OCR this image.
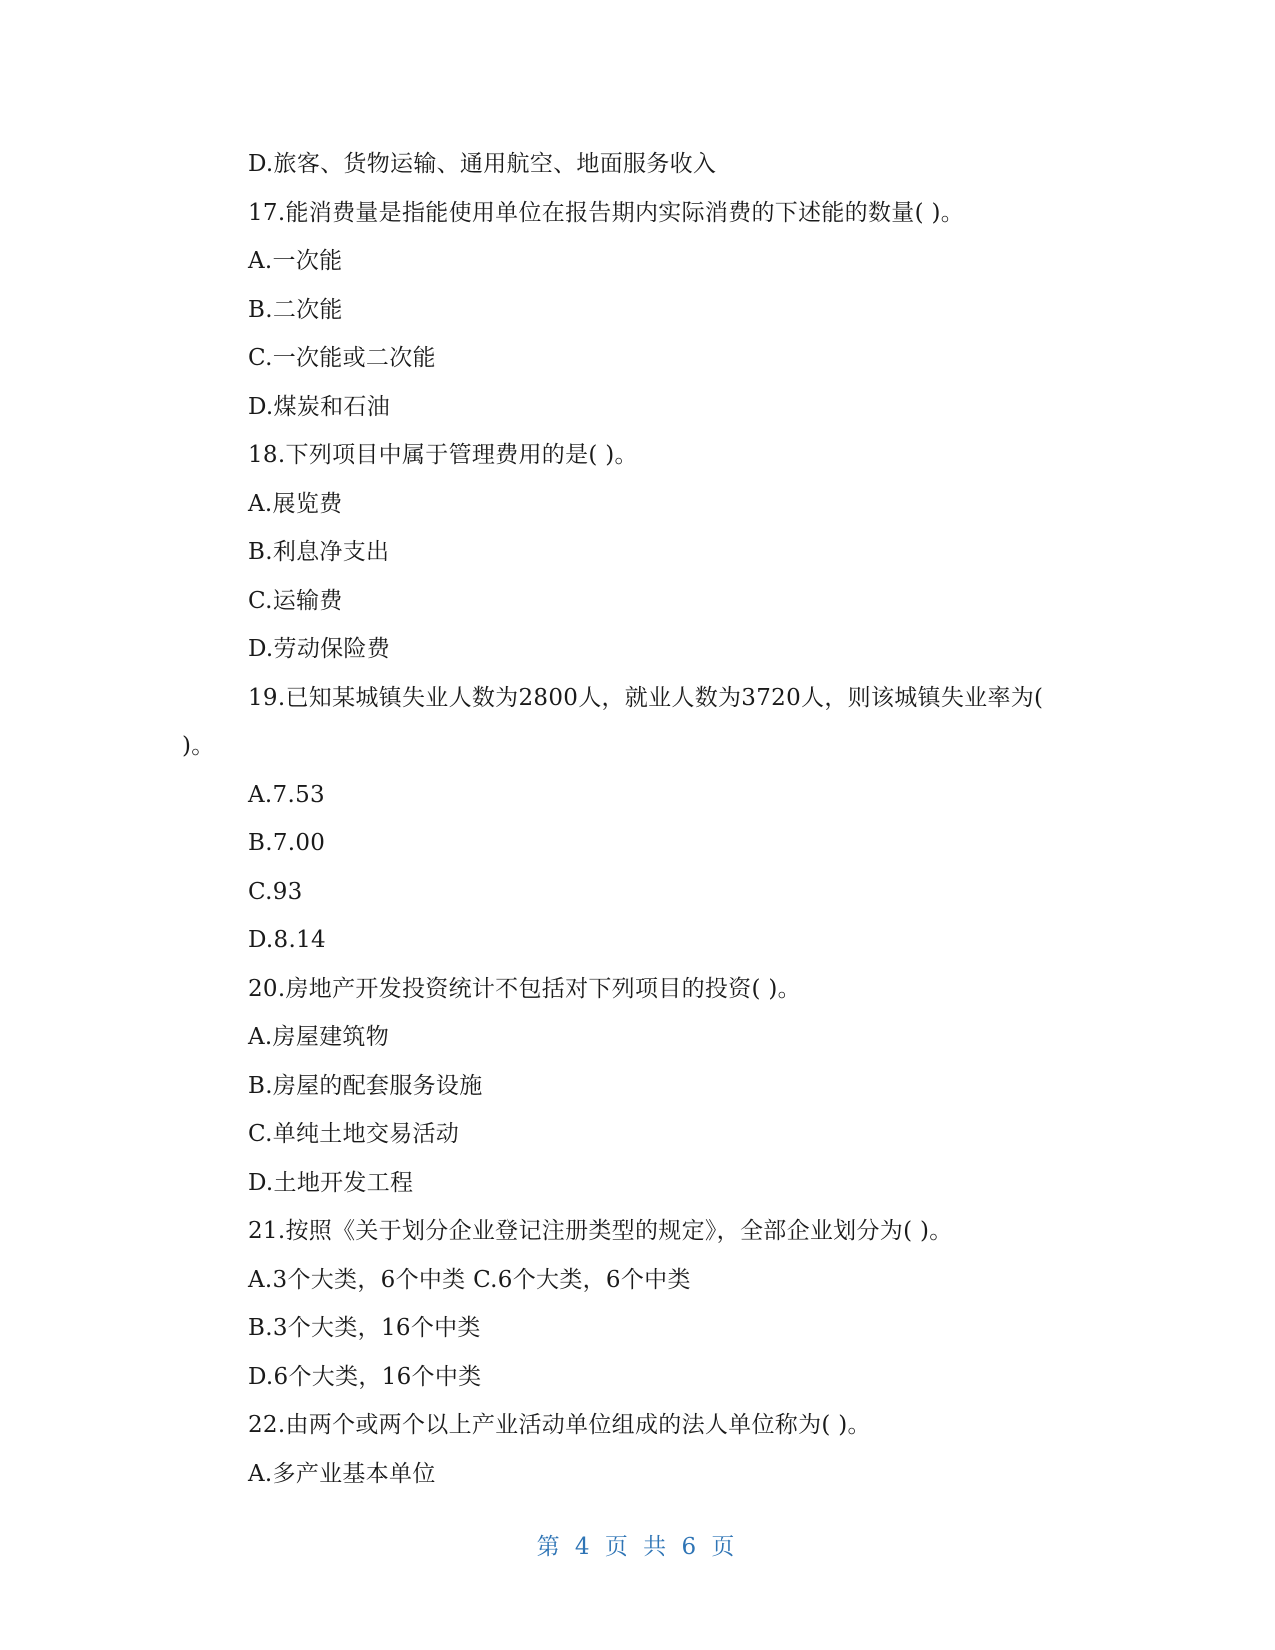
D.旅客、货物运输、通用航空、地面服务收入
17.能消费量是指能使用单位在报告期内实际消费的下述能的数量( )。
A.一次能
B.二次能
C.一次能或二次能
D.煤炭和石油
18.下列项目中属于管理费用的是( )。
A.展览费
B.利息净支出
C.运输费
D.劳动保险费
19.已知某城镇失业人数为2800人，就业人数为3720人，则该城镇失业率为(
)。
A.7.53
B.7.00
C.93
D.8.14
20.房地产开发投资统计不包括对下列项目的投资( )。
A.房屋建筑物
B.房屋的配套服务设施
C.单纯土地交易活动
D.土地开发工程
21.按照《关于划分企业登记注册类型的规定》，全部企业划分为( )。
A.3个大类，6个中类 C.6个大类，6个中类
B.3个大类，16个中类
D.6个大类，16个中类
22.由两个或两个以上产业活动单位组成的法人单位称为( )。
A.多产业基本单位
第 4 页 共 6 页
